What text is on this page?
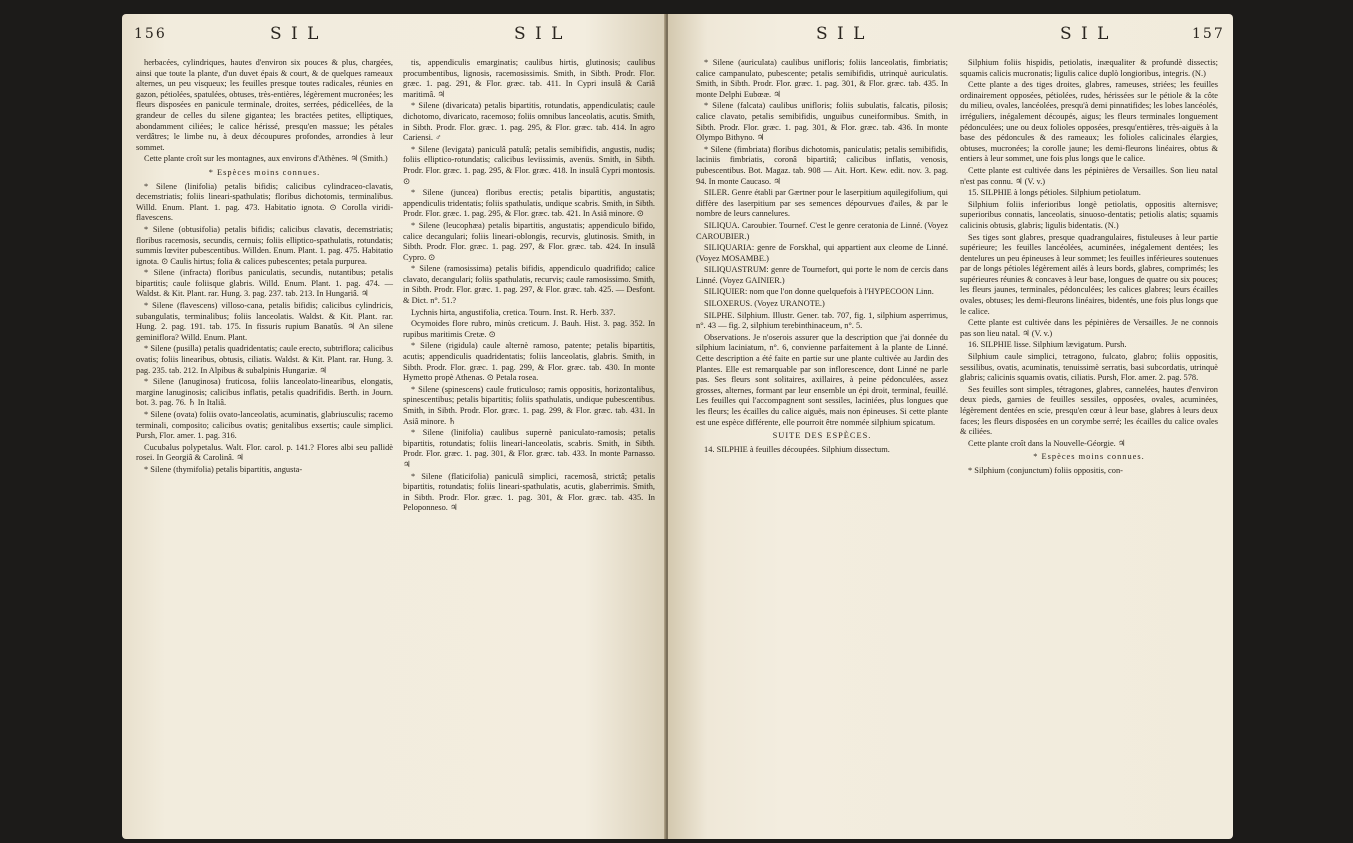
156	S I L	S I L

herbacées, cylindriques, hautes d'environ six pouces & plus, chargées, ainsi que toute la plante, d'un duvet épais & court, & de quelques rameaux alternes, un peu visqueux; les feuilles presque toutes radicales, réunies en gazon, pétiolées, spatulées, obtuses, très-entières, légèrement mucronées; les fleurs disposées en panicule terminale, droites, serrées, pédicellées, de la grandeur de celles du silene gigantea; les bractées petites, elliptiques, abondamment ciliées; le calice hérissé, presqu'en massue; les pétales verdâtres; le limbe nu, à deux découpures profondes, arrondies à leur sommet.

Cette plante croît sur les montagnes, aux environs d'Athènes. ♃ (Smith.)

* Espèces moins connues.

* Silene (linifolia) petalis bifidis; calicibus cylindraceo-clavatis, decemstriatis; foliis lineari-spathulatis; floribus dichotomis, terminalibus. Willd. Enum. Plant. 1. pag. 473. Habitatio ignota. ⊙ Corolla viridi-flavescens.

* Silene (obtusifolia) petalis bifidis; calicibus clavatis, decemstriatis; floribus racemosis, secundis, cernuis; foliis elliptico-spathulatis, rotundatis; summis lœviter pubescentibus. Willden. Enum. Plant. 1. pag. 475. Habitatio ignota. ⊙ Caulis hirtus; folia & calices pubescentes; petala purpurea.

* Silene (infracta) floribus paniculatis, secundis, nutantibus; petalis bipartitis; caule foliisque glabris. Willd. Enum. Plant. 1. pag. 474. — Waldst. & Kit. Plant. rar. Hung. 3. pag. 237. tab. 213. In Hungariâ. ♃

* Silene (flavescens) villoso-cana, petalis bifidis; calicibus cylindricis, subangulatis, terminalibus; foliis lanceolatis. Waldst. & Kit. Plant. rar. Hung. 2. pag. 191. tab. 175. In fissuris rupium Banatûs. ♃ An silene geminiflora? Willd. Enum. Plant.

* Silene (pusilla) petalis quadridentatis; caule erecto, subtriflora; calicibus ovatis; foliis linearibus, obtusis, ciliatis. Waldst. & Kit. Plant. rar. Hung. 3. pag. 235. tab. 212. In Alpibus & subalpinis Hungariæ. ♃

* Silene (lanuginosa) fruticosa, foliis lanceolato-linearibus, elongatis, margine lanuginosis; calicibus inflatis, petalis quadrifidis. Berth. in Journ. bot. 3. pag. 76. ♄ In Italiâ.

* Silene (ovata) foliis ovato-lanceolatis, acuminatis, glabriusculis; racemo terminali, composito; calicibus ovatis; genitalibus exsertis; caule simplici. Pursh, Flor. amer. 1. pag. 316.

Cucubalus polypetalus. Walt. Flor. carol. p. 141.? Flores albi seu pallidè rosei. In Georgiâ & Carolinâ. ♃

* Silene (thymifolia) petalis bipartitis, angusta-

tis, appendiculis emarginatis; caulibus hirtis, glutinosis; caulibus procumbentibus, lignosis, racemosissimis. Smith, in Sibth. Prodr. Flor. græc. 1. pag. 291, & Flor. græc. tab. 411. In Cypri insulâ & Cariâ maritimâ. ♃

* Silene (divaricata) petalis bipartitis, rotundatis, appendiculatis; caule dichotomo, divaricato, racemoso; foliis omnibus lanceolatis, acutis. Smith, in Sibth. Prodr. Flor. græc. 1. pag. 295, & Flor. græc. tab. 414. In agro Cariensi. ♂

* Silene (levigata) paniculâ patulâ; petalis semibifidis, angustis, nudis; foliis elliptico-rotundatis; calicibus leviissimis, avenüs. Smith, in Sibth. Prodr. Flor. græc. 1. pag. 295, & Flor. græc. 418. In insulâ Cypri montosis. ⊙

* Silene (juncea) floribus erectis; petalis bipartitis, angustatis; appendiculis tridentatis; foliis spathulatis, undique scabris. Smith, in Sibth. Prodr. Flor. græc. 1. pag. 295, & Flor. græc. tab. 421. In Asiâ minore. ⊙

* Silene (leucophæa) petalis bipartitis, angustatis; appendiculo bifido, calice decangulari; foliis lineari-oblongis, recurvis, glutinosis. Smith, in Sibth. Prodr. Flor. græc. 1. pag. 297, & Flor. græc. tab. 424. In insulâ Cypro. ⊙

* Silene (ramosissima) petalis bifidis, appendiculo quadrifido; calice clavato, decangulari; foliis spathulatis, recurvis; caule ramosissimo. Smith, in Sibth. Prodr. Flor. græc. 1. pag. 297, & Flor. græc. tab. 425. — Desfont. & Dict. n°. 51.?

Lychnis hirta, angustifolia, cretica. Tourn. Inst. R. Herb. 337.

Ocymoides flore rubro, minùs creticum. J. Bauh. Hist. 3. pag. 352. In rupibus maritimis Cretæ. ⊙

* Silene (rigidula) caule alternè ramoso, patente; petalis bipartitis, acutis; appendiculis quadridentatis; foliis lanceolatis, glabris. Smith, in Sibth. Prodr. Flor. græc. 1. pag. 299, & Flor. græc. tab. 430. In monte Hymetto propè Athenas. ⊙ Petala rosea.

* Silene (spinescens) caule fruticuloso; ramis oppositis, horizontalibus, spinescentibus; petalis bipartitis; foliis spathulatis, undique pubescentibus. Smith, in Sibth. Prodr. Flor. græc. 1. pag. 299, & Flor. græc. tab. 431. In Asiâ minore. ♄

* Silene (linifolia) caulibus supernè paniculato-ramosis; petalis bipartitis, rotundatis; foliis lineari-lanceolatis, scabris. Smith, in Sibth. Prodr. Flor. græc. 1. pag. 301, & Flor. græc. tab. 433. In monte Parnasso. ♃

* Silene (flaticifolia) paniculâ simplici, racemosâ, strictâ; petalis bipartitis, rotundatis; foliis lineari-spathulatis, acutis, glaberrimis. Smith, in Sibth. Prodr. Flor. græc. 1. pag. 301, & Flor. græc. tab. 435. In Peloponneso. ♃

S I L	S I L	157

* Silene (auriculata) caulibus unifloris; foliis lanceolatis, fimbriatis; calice campanulato, pubescente; petalis semibifidis, utrinquè auriculatis. Smith, in Sibth. Prodr. Flor. græc. 1. pag. 301, & Flor. græc. tab. 435. In monte Delphi Eubœæ. ♃

* Silene (falcata) caulibus unifloris; foliis subulatis, falcatis, pilosis; calice clavato, petalis semibifidis, unguibus cuneiformibus. Smith, in Sibth. Prodr. Flor. græc. 1. pag. 301, & Flor. græc. tab. 436. In monte Olympo Bithyno. ♃

* Silene (fimbriata) floribus dichotomis, paniculatis; petalis semibifidis, laciniis fimbriatis, coronâ bipartitâ; calicibus inflatis, venosis, pubescentibus. Bot. Magaz. tab. 908 — Ait. Hort. Kew. edit. nov. 3. pag. 94. In monte Caucaso. ♃

SILER. Genre établi par Gærtner pour le laserpitium aquilegifolium, qui diffère des laserpitium par ses semences dépourvues d'ailes, & par le nombre de leurs cannelures.

SILIQUA. Caroubier. Tournef. C'est le genre ceratonia de Linné. (Voyez CAROUBIER.)

SILIQUARIA: genre de Forskhal, qui appartient aux cleome de Linné. (Voyez MOSAMBE.)

SILIQUASTRUM: genre de Tournefort, qui porte le nom de cercis dans Linné. (Voyez GAINIER.)

SILIQUIER: nom que l'on donne quelquefois à l'HYPECOON Linn.

SILOXERUS. (Voyez URANOTE.)

SILPHE. Silphium. Illustr. Gener. tab. 707, fig. 1, silphium asperrimus, n°. 43 — fig. 2, silphium terebinthinaceum, n°. 5.

Observations. Je n'oserois assurer que la description que j'ai donnée du silphium laciniatum, n°. 6, convienne parfaitement à la plante de Linné. Cette description a été faite en partie sur une plante cultivée au Jardin des Plantes. Elle est remarquable par son inflorescence, dont Linné ne parle pas. Ses fleurs sont solitaires, axillaires, à peine pédonculées, assez grosses, alternes, formant par leur ensemble un épi droit, terminal, feuillé. Les feuilles qui l'accompagnent sont sessiles, laciniées, plus longues que les fleurs; les écailles du calice aiguës, mais non épineuses. Si cette plante est une espèce différente, elle pourroit être nommée silphium spicatum.

SUITE DES ESPÈCES.

14. SILPHIE à feuilles découpées. Silphium dissectum.

Silphium foliis hispidis, petiolatis, inæqualiter & profundè dissectis; squamis calicis mucronatis; ligulis calice duplò longioribus, integris. (N.)

Cette plante a des tiges droites, glabres, rameuses, striées; les feuilles ordinairement opposées, pétiolées, rudes, hérissées sur le pétiole & la côte du milieu, ovales, lancéolées, presqu'à demi pinnatifides; les lobes lancéolés, irréguliers, inégalement découpés, aigus; les fleurs terminales longuement pédonculées; une ou deux folioles opposées, presqu'entières, très-aiguës à la base des pédoncules & des rameaux; les folioles calicinales élargies, obtuses, mucronées; la corolle jaune; les demi-fleurons linéaires, obtus & entiers à leur sommet, une fois plus longs que le calice.

Cette plante est cultivée dans les pépinières de Versailles. Son lieu natal n'est pas connu. ♃ (V. v.)

15. SILPHIE à longs pétioles. Silphium petiolatum.

Silphium foliis inferioribus longè petiolatis, oppositis alternisve; superioribus connatis, lanceolatis, sinuoso-dentatis; petiolis alatis; squamis calicinis obtusis, glabris; ligulis bidentatis. (N.)

Ses tiges sont glabres, presque quadrangulaires, fistuleuses à leur partie supérieure; les feuilles lancéolées, acuminées, inégalement dentées; les dentelures un peu épineuses à leur sommet; les feuilles inférieures soutenues par de longs pétioles légèrement ailés à leurs bords, glabres, comprimés; les supérieures réunies & concaves à leur base, longues de quatre ou six pouces; les fleurs jaunes, terminales, pédonculées; les calices glabres; leurs écailles ovales, obtuses; les demi-fleurons linéaires, bidentés, une fois plus longs que le calice.

Cette plante est cultivée dans les pépinières de Versailles. Je ne connois pas son lieu natal. ♃ (V. v.)

16. SILPHIE lisse. Silphium lævigatum. Pursh.

Silphium caule simplici, tetragono, fulcato, glabro; foliis oppositis, sessilibus, ovatis, acuminatis, tenuissimè serratis, basi subcordatis, utrinquè glabris; calicinis squamis ovatis, ciliatis. Pursh, Flor. amer. 2. pag. 578.

Ses feuilles sont simples, tétragones, glabres, cannelées, hautes d'environ deux pieds, garnies de feuilles sessiles, opposées, ovales, acuminées, légèrement dentées en scie, presqu'en cœur à leur base, glabres à leurs deux faces; les fleurs disposées en un corymbe serré; les écailles du calice ovales & ciliées.

Cette plante croît dans la Nouvelle-Géorgie. ♃

* Espèces moins connues.

* Silphium (conjunctum) foliis oppositis, con-
